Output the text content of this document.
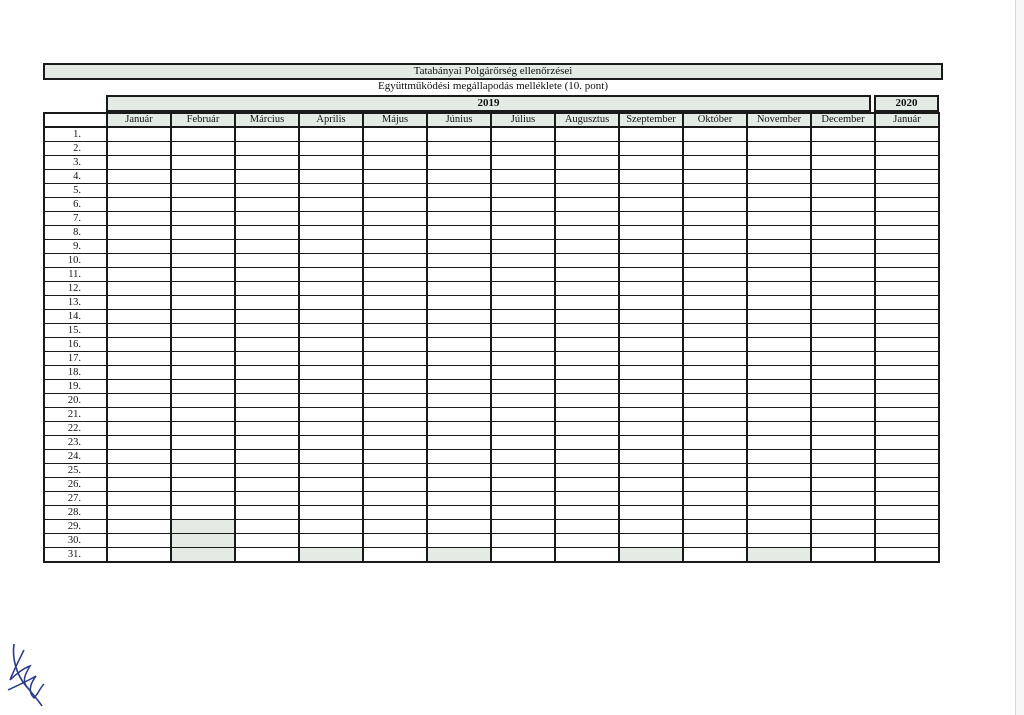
Tatabányai Polgárőrség ellenőrzései
Együttműködési megállapodás melléklete (10. pont)
2019	2020
	Január	Február	Március	Április	Május	Június	Július	Augusztus	Szeptember	Október	November	December	Január
1.													
2.													
3.													
4.													
5.													
6.													
7.													
8.													
9.													
10.													
11.													
12.													
13.													
14.													
15.													
16.													
17.													
18.													
19.													
20.													
21.													
22.													
23.													
24.													
25.													
26.													
27.													
28.													
29.													
30.													
31.													
